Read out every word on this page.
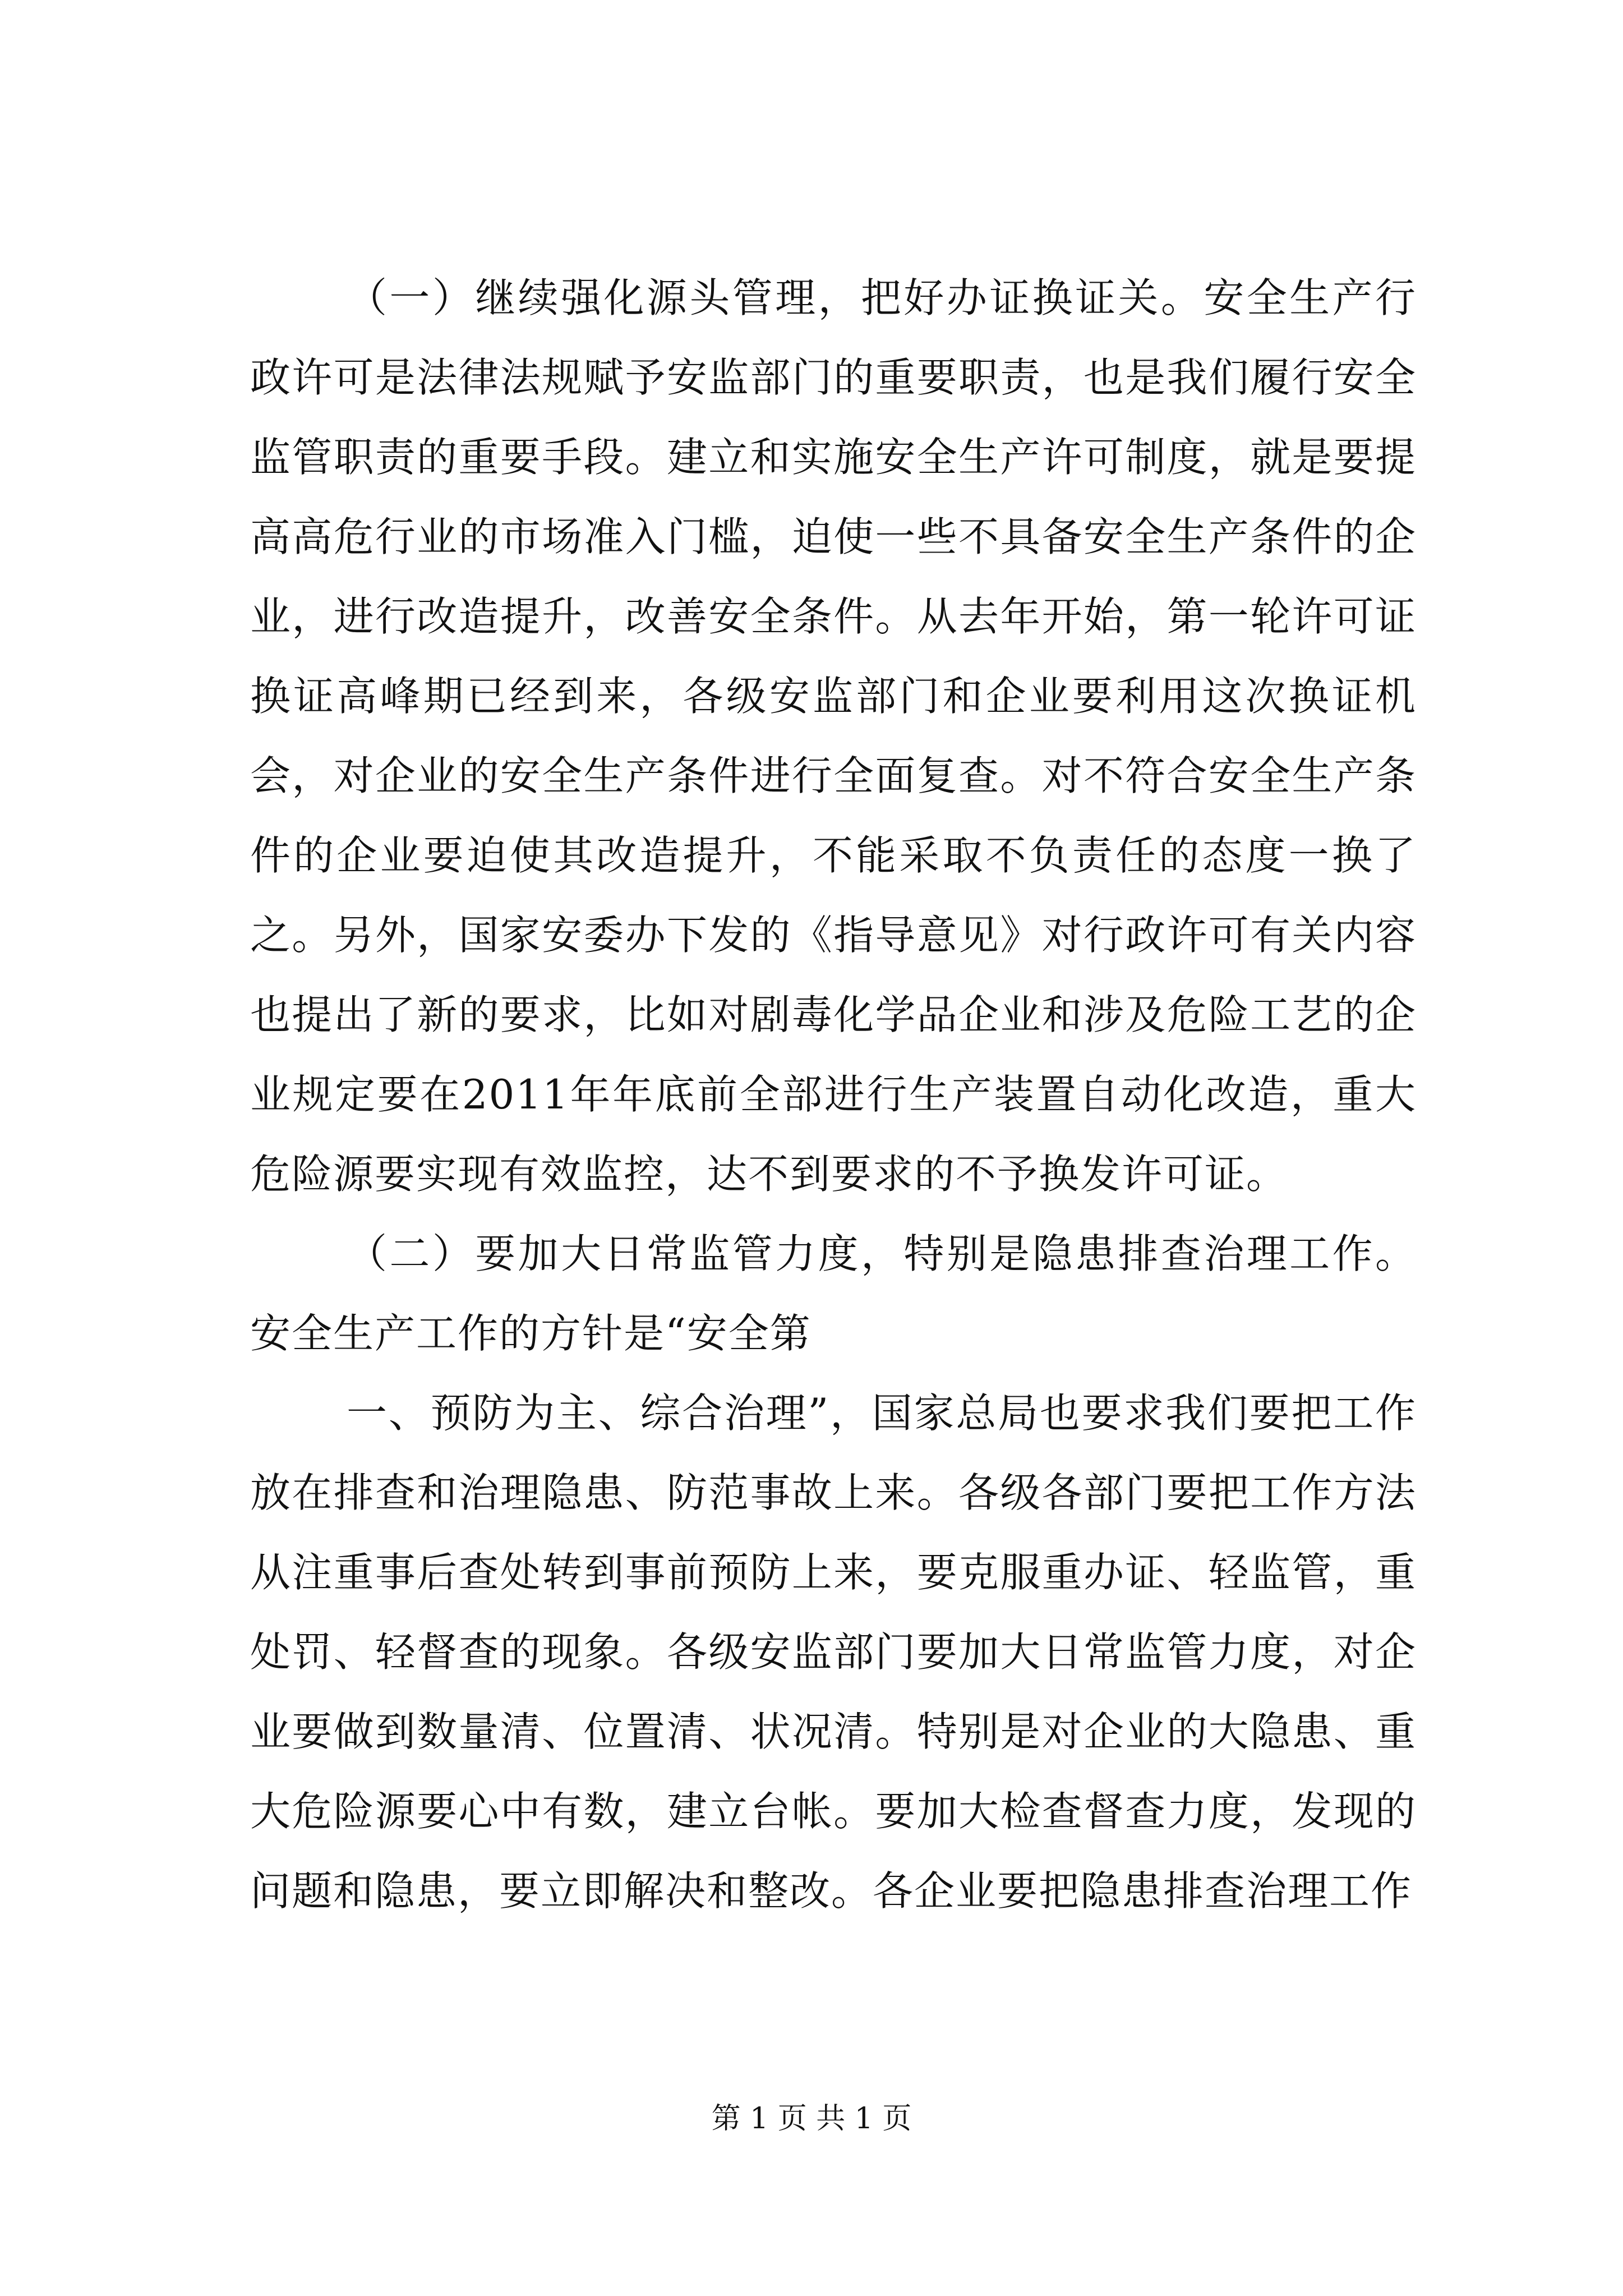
（一）继续强化源头管理，把好办证换证关。安全生产行政许可是法律法规赋予安监部门的重要职责，也是我们履行安全监管职责的重要手段。建立和实施安全生产许可制度，就是要提高高危行业的市场准入门槛，迫使一些不具备安全生产条件的企业，进行改造提升，改善安全条件。从去年开始，第一轮许可证换证高峰期已经到来，各级安监部门和企业要利用这次换证机会，对企业的安全生产条件进行全面复查。对不符合安全生产条件的企业要迫使其改造提升，不能采取不负责任的态度一换了之。另外，国家安委办下发的《指导意见》对行政许可有关内容也提出了新的要求，比如对剧毒化学品企业和涉及危险工艺的企业规定要在2011年年底前全部进行生产装置自动化改造，重大危险源要实现有效监控，达不到要求的不予换发许可证。

（二）要加大日常监管力度，特别是隐患排查治理工作。安全生产工作的方针是“安全第

一、预防为主、综合治理”，国家总局也要求我们要把工作放在排查和治理隐患、防范事故上来。各级各部门要把工作方法从注重事后查处转到事前预防上来，要克服重办证、轻监管，重处罚、轻督查的现象。各级安监部门要加大日常监管力度，对企业要做到数量清、位置清、状况清。特别是对企业的大隐患、重大危险源要心中有数，建立台帐。要加大检查督查力度，发现的问题和隐患，要立即解决和整改。各企业要把隐患排查治理工作

第 1 页 共 1 页
